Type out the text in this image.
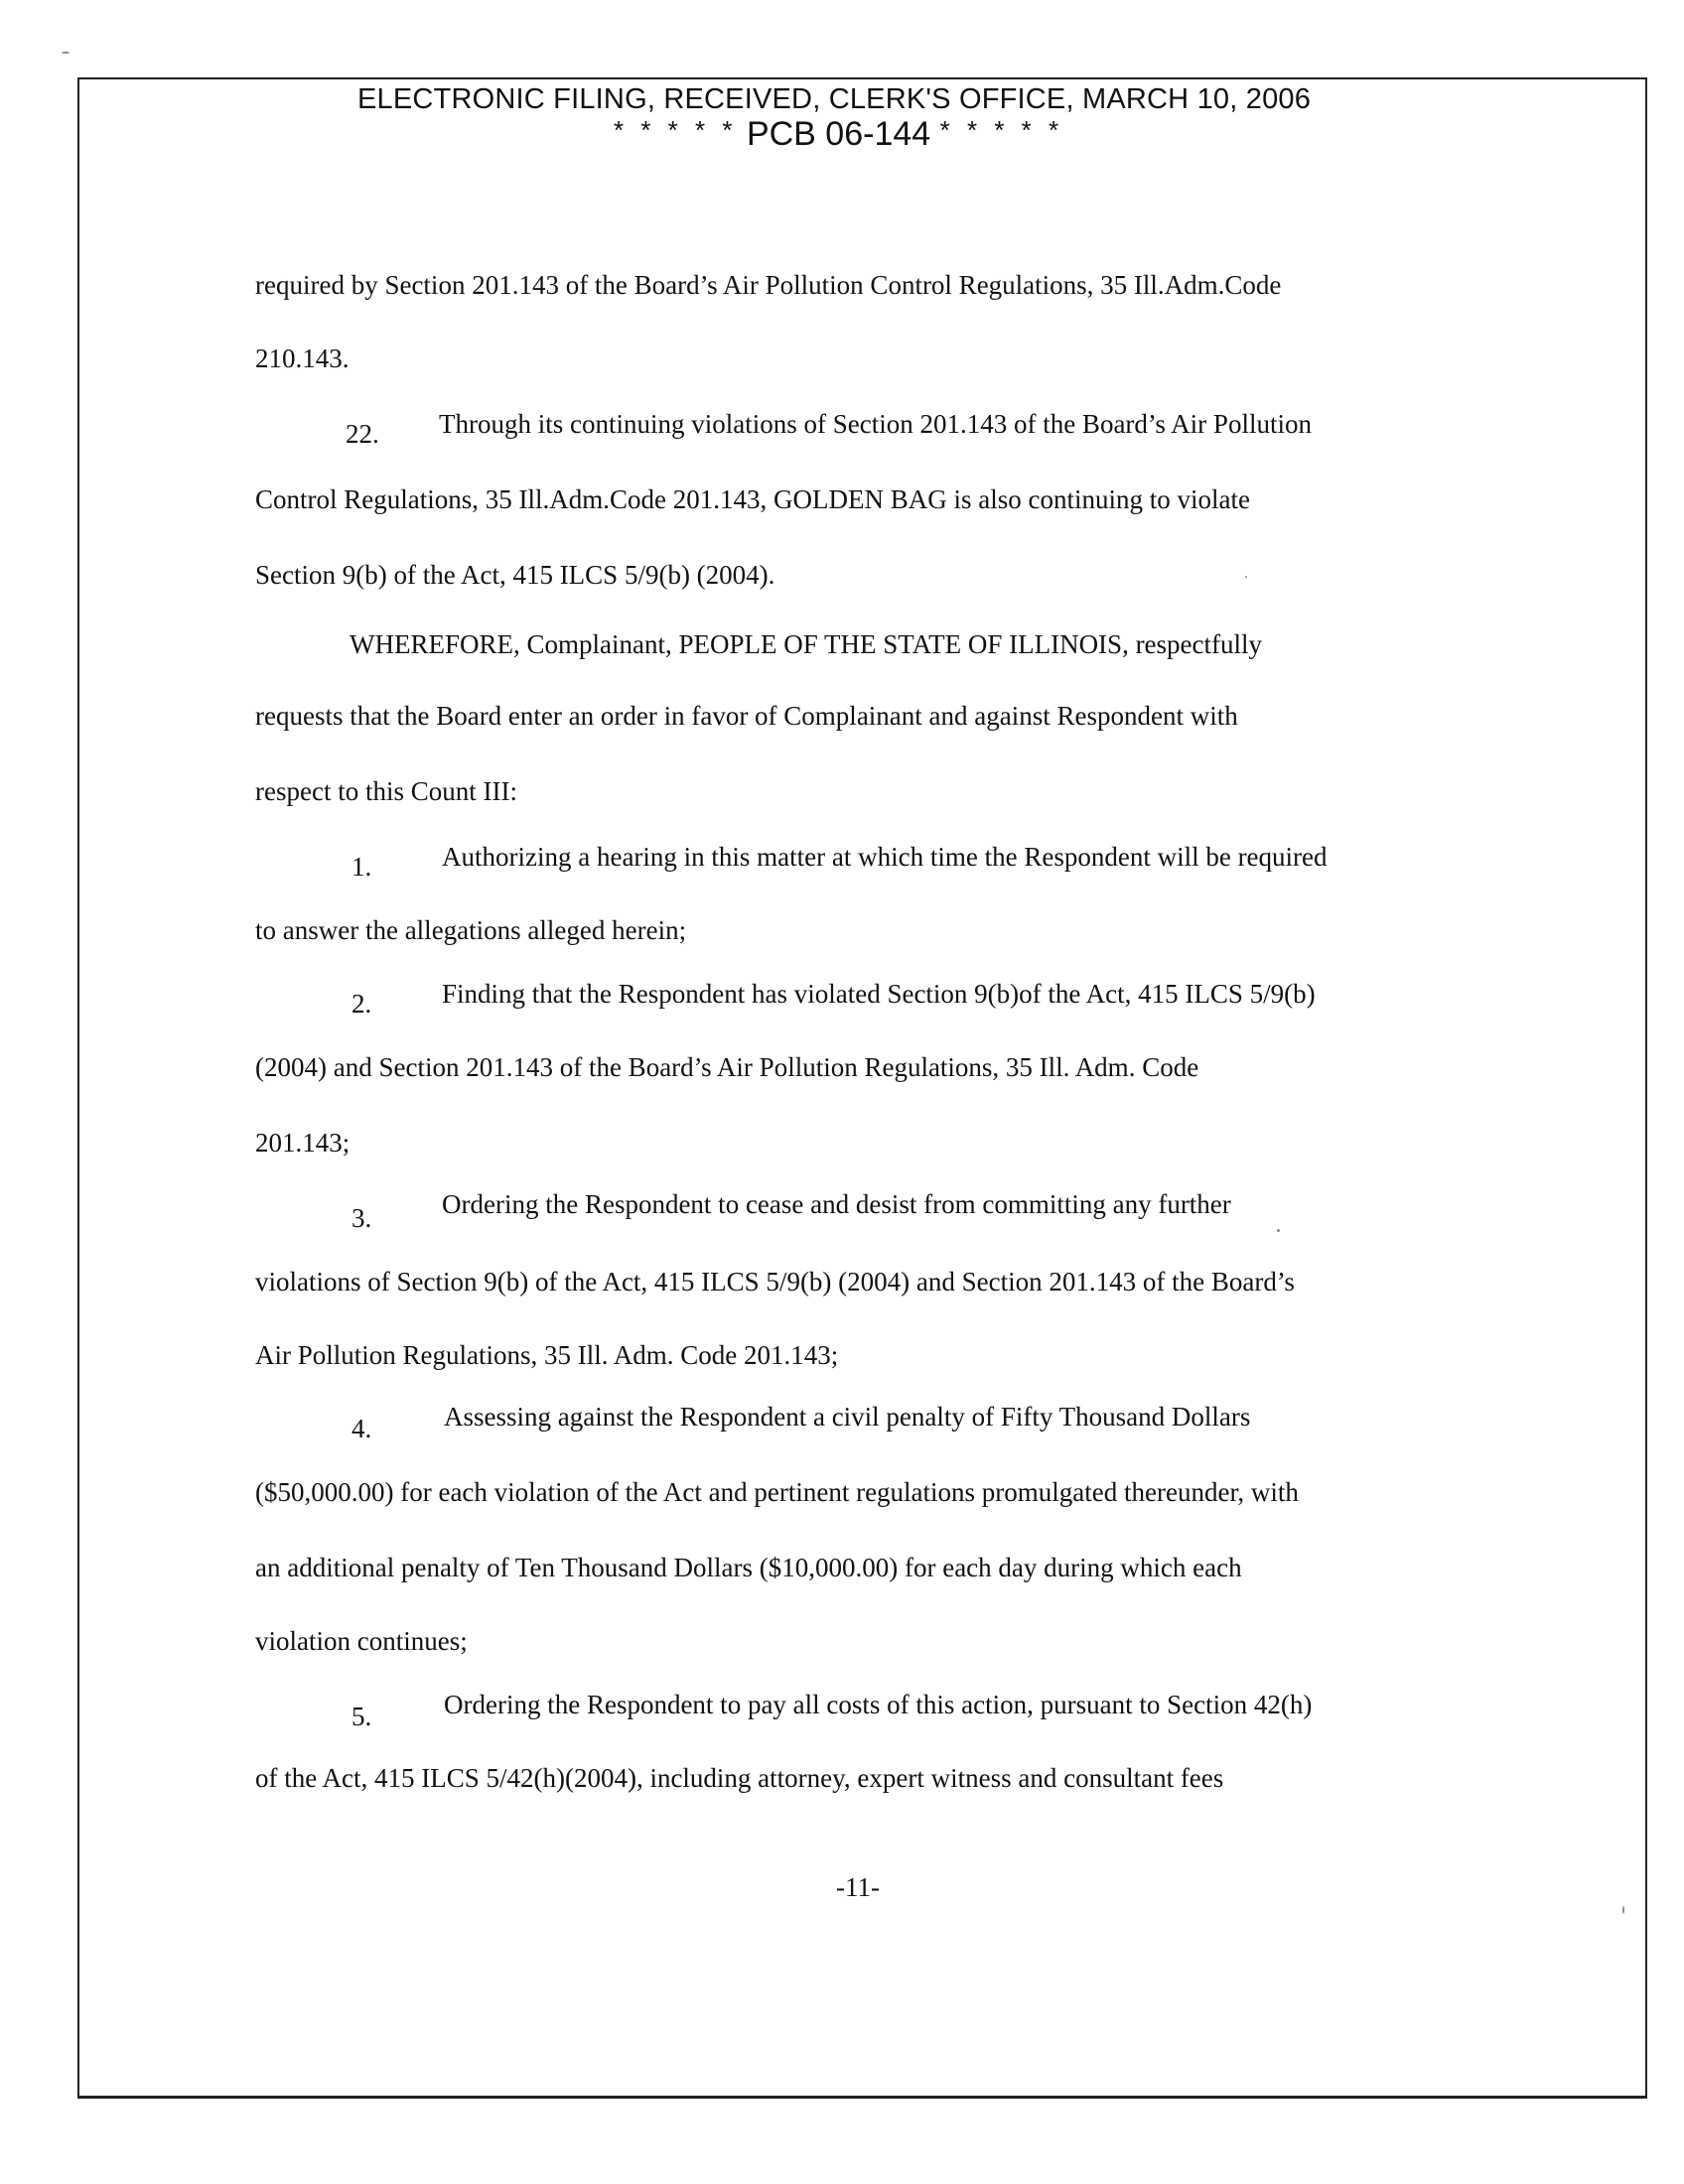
ELECTRONIC FILING, RECEIVED, CLERK'S OFFICE, MARCH 10, 2006
* * * * * PCB 06-144 * * * * *
required by Section 201.143 of the Board’s Air Pollution Control Regulations, 35 Ill.Adm.Code
210.143.
22. Through its continuing violations of Section 201.143 of the Board’s Air Pollution
Control Regulations, 35 Ill.Adm.Code 201.143, GOLDEN BAG is also continuing to violate
Section 9(b) of the Act, 415 ILCS 5/9(b) (2004).
WHEREFORE, Complainant, PEOPLE OF THE STATE OF ILLINOIS, respectfully
requests that the Board enter an order in favor of Complainant and against Respondent with
respect to this Count III:
1.	Authorizing a hearing in this matter at which time the Respondent will be required
to answer the allegations alleged herein;
2.	Finding that the Respondent has violated Section 9(b)of the Act, 415 ILCS 5/9(b)
(2004) and Section 201.143 of the Board’s Air Pollution Regulations, 35 Ill. Adm. Code
201.143;
3.	Ordering the Respondent to cease and desist from committing any further
violations of Section 9(b) of the Act, 415 ILCS 5/9(b) (2004) and Section 201.143 of the Board’s
Air Pollution Regulations, 35 Ill. Adm. Code 201.143;
4.	Assessing against the Respondent a civil penalty of Fifty Thousand Dollars
($50,000.00) for each violation of the Act and pertinent regulations promulgated thereunder, with
an additional penalty of Ten Thousand Dollars ($10,000.00) for each day during which each
violation continues;
5.	Ordering the Respondent to pay all costs of this action, pursuant to Section 42(h)
of the Act, 415 ILCS 5/42(h)(2004), including attorney, expert witness and consultant fees
-11-
